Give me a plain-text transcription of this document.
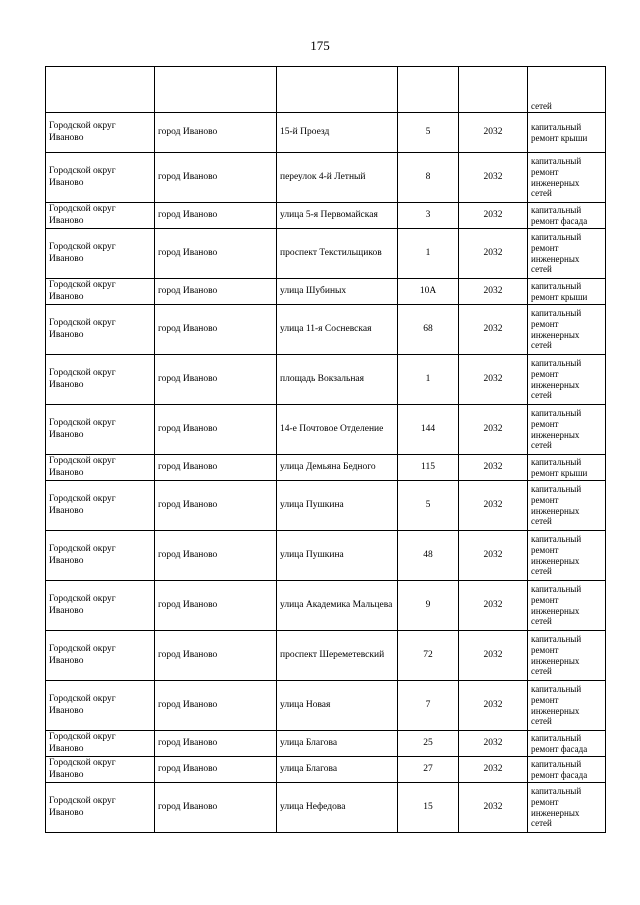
175
					сетей
Городской округ Иваново	город Иваново	15-й Проезд	5	2032	капитальный ремонт крыши
Городской округ Иваново	город Иваново	переулок 4-й Летный	8	2032	капитальный ремонт инженерных сетей
Городской округ Иваново	город Иваново	улица 5-я Первомайская	3	2032	капитальный ремонт фасада
Городской округ Иваново	город Иваново	проспект Текстильщиков	1	2032	капитальный ремонт инженерных сетей
Городской округ Иваново	город Иваново	улица Шубиных	10А	2032	капитальный ремонт крыши
Городской округ Иваново	город Иваново	улица 11-я Сосневская	68	2032	капитальный ремонт инженерных сетей
Городской округ Иваново	город Иваново	площадь Вокзальная	1	2032	капитальный ремонт инженерных сетей
Городской округ Иваново	город Иваново	14-е Почтовое Отделение	144	2032	капитальный ремонт инженерных сетей
Городской округ Иваново	город Иваново	улица Демьяна Бедного	115	2032	капитальный ремонт крыши
Городской округ Иваново	город Иваново	улица Пушкина	5	2032	капитальный ремонт инженерных сетей
Городской округ Иваново	город Иваново	улица Пушкина	48	2032	капитальный ремонт инженерных сетей
Городской округ Иваново	город Иваново	улица Академика Мальцева	9	2032	капитальный ремонт инженерных сетей
Городской округ Иваново	город Иваново	проспект Шереметевский	72	2032	капитальный ремонт инженерных сетей
Городской округ Иваново	город Иваново	улица Новая	7	2032	капитальный ремонт инженерных сетей
Городской округ Иваново	город Иваново	улица Благова	25	2032	капитальный ремонт фасада
Городской округ Иваново	город Иваново	улица Благова	27	2032	капитальный ремонт фасада
Городской округ Иваново	город Иваново	улица Нефедова	15	2032	капитальный ремонт инженерных сетей
